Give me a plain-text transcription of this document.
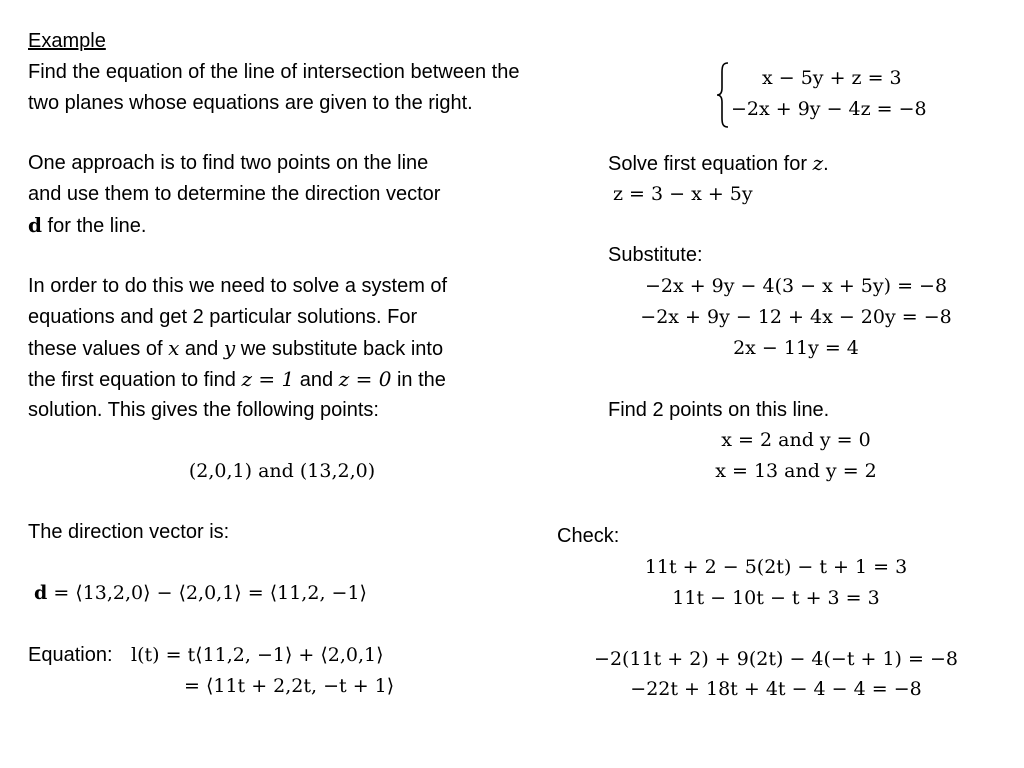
Example
Find the equation of the line of intersection between the
two planes whose equations are given to the right.
One approach is to find two points on the line
and use them to determine the direction vector
d for the line.
In order to do this we need to solve a system of
equations and get 2 particular solutions. For
these values of x and y we substitute back into
the first equation to find z = 1 and z = 0 in the
solution. This gives the following points:
(2,0,1) and (13,2,0)
The direction vector is:
d = ⟨13,2,0⟩ − ⟨2,0,1⟩ = ⟨11,2, −1⟩
Equation: l(t) = t⟨11,2, −1⟩ + ⟨2,0,1⟩
= ⟨11t + 2,2t, −t + 1⟩
x − 5y + z = 3
−2x + 9y − 4z = −8
Solve first equation for z.
z = 3 − x + 5y
Substitute:
−2x + 9y − 4(3 − x + 5y) = −8
−2x + 9y − 12 + 4x − 20y = −8
2x − 11y = 4
Find 2 points on this line.
x = 2 and y = 0
x = 13 and y = 2
Check:
11t + 2 − 5(2t) − t + 1 = 3
11t − 10t − t + 3 = 3
−2(11t + 2) + 9(2t) − 4(−t + 1) = −8
−22t + 18t + 4t − 4 − 4 = −8
